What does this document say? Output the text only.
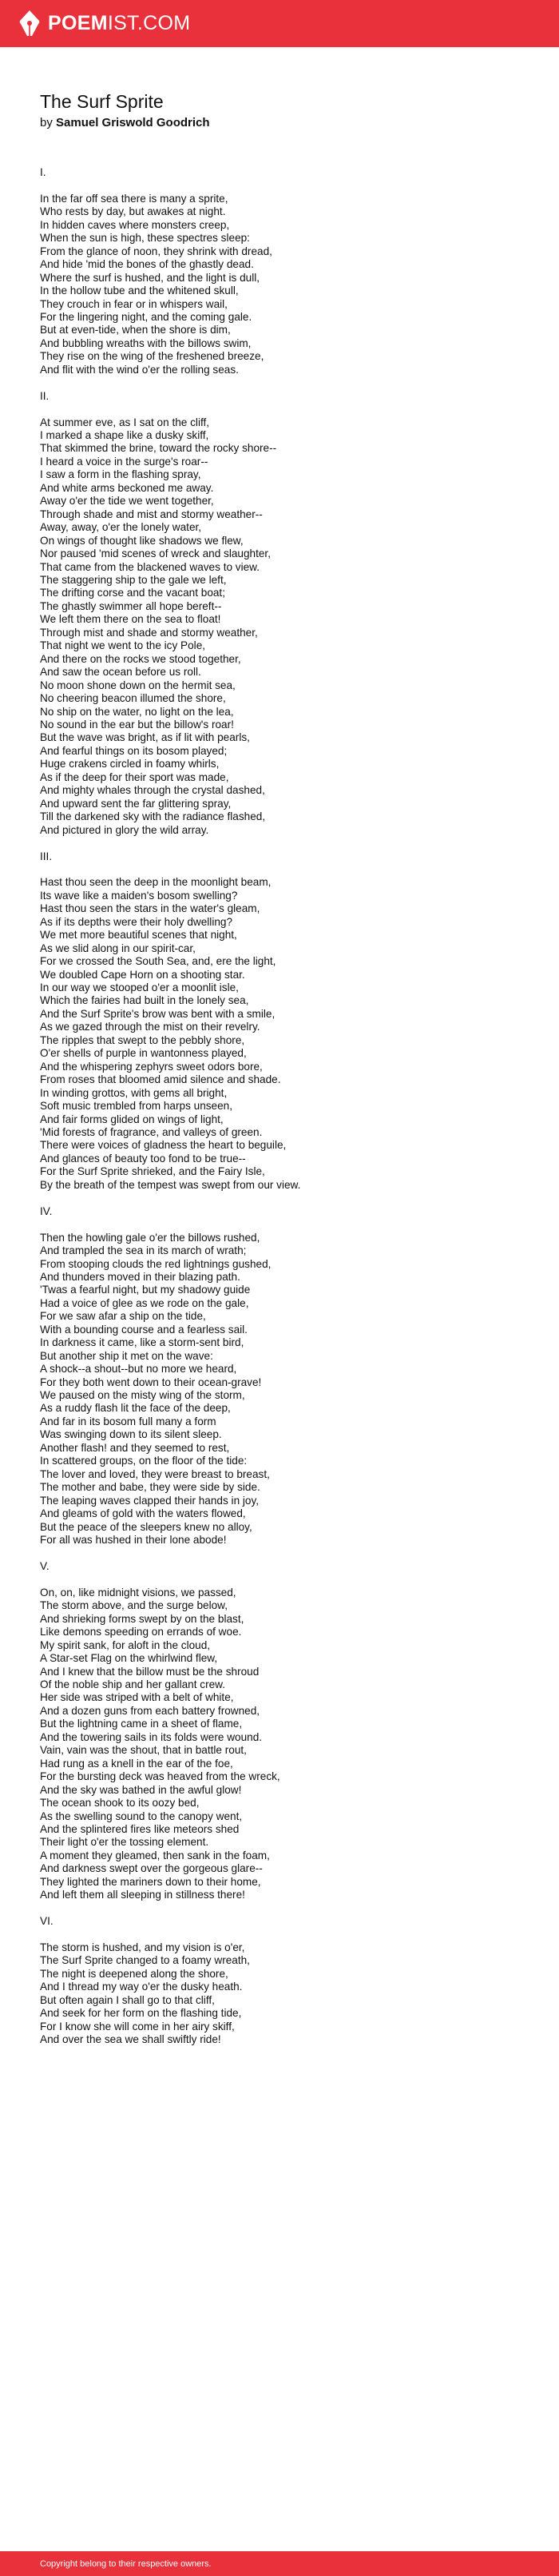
POEMIST.COM
The Surf Sprite
by Samuel Griswold Goodrich
I.
In the far off sea there is many a sprite,
Who rests by day, but awakes at night.
In hidden caves where monsters creep,
When the sun is high, these spectres sleep:
From the glance of noon, they shrink with dread,
And hide 'mid the bones of the ghastly dead.
Where the surf is hushed, and the light is dull,
In the hollow tube and the whitened skull,
They crouch in fear or in whispers wail,
For the lingering night, and the coming gale.
But at even-tide, when the shore is dim,
And bubbling wreaths with the billows swim,
They rise on the wing of the freshened breeze,
And flit with the wind o'er the rolling seas.
II.
At summer eve, as I sat on the cliff,
I marked a shape like a dusky skiff,
That skimmed the brine, toward the rocky shore--
I heard a voice in the surge's roar--
I saw a form in the flashing spray,
And white arms beckoned me away.
Away o'er the tide we went together,
Through shade and mist and stormy weather--
Away, away, o'er the lonely water,
On wings of thought like shadows we flew,
Nor paused 'mid scenes of wreck and slaughter,
That came from the blackened waves to view.
The staggering ship to the gale we left,
The drifting corse and the vacant boat;
The ghastly swimmer all hope bereft--
We left them there on the sea to float!
Through mist and shade and stormy weather,
That night we went to the icy Pole,
And there on the rocks we stood together,
And saw the ocean before us roll.
No moon shone down on the hermit sea,
No cheering beacon illumed the shore,
No ship on the water, no light on the lea,
No sound in the ear but the billow's roar!
But the wave was bright, as if lit with pearls,
And fearful things on its bosom played;
Huge crakens circled in foamy whirls,
As if the deep for their sport was made,
And mighty whales through the crystal dashed,
And upward sent the far glittering spray,
Till the darkened sky with the radiance flashed,
And pictured in glory the wild array.
III.
Hast thou seen the deep in the moonlight beam,
Its wave like a maiden's bosom swelling?
Hast thou seen the stars in the water's gleam,
As if its depths were their holy dwelling?
We met more beautiful scenes that night,
As we slid along in our spirit-car,
For we crossed the South Sea, and, ere the light,
We doubled Cape Horn on a shooting star.
In our way we stooped o'er a moonlit isle,
Which the fairies had built in the lonely sea,
And the Surf Sprite's brow was bent with a smile,
As we gazed through the mist on their revelry.
The ripples that swept to the pebbly shore,
O'er shells of purple in wantonness played,
And the whispering zephyrs sweet odors bore,
From roses that bloomed amid silence and shade.
In winding grottos, with gems all bright,
Soft music trembled from harps unseen,
And fair forms glided on wings of light,
'Mid forests of fragrance, and valleys of green.
There were voices of gladness the heart to beguile,
And glances of beauty too fond to be true--
For the Surf Sprite shrieked, and the Fairy Isle,
By the breath of the tempest was swept from our view.
IV.
Then the howling gale o'er the billows rushed,
And trampled the sea in its march of wrath;
From stooping clouds the red lightnings gushed,
And thunders moved in their blazing path.
'Twas a fearful night, but my shadowy guide
Had a voice of glee as we rode on the gale,
For we saw afar a ship on the tide,
With a bounding course and a fearless sail.
In darkness it came, like a storm-sent bird,
But another ship it met on the wave:
A shock--a shout--but no more we heard,
For they both went down to their ocean-grave!
We paused on the misty wing of the storm,
As a ruddy flash lit the face of the deep,
And far in its bosom full many a form
Was swinging down to its silent sleep.
Another flash! and they seemed to rest,
In scattered groups, on the floor of the tide:
The lover and loved, they were breast to breast,
The mother and babe, they were side by side.
The leaping waves clapped their hands in joy,
And gleams of gold with the waters flowed,
But the peace of the sleepers knew no alloy,
For all was hushed in their lone abode!
V.
On, on, like midnight visions, we passed,
The storm above, and the surge below,
And shrieking forms swept by on the blast,
Like demons speeding on errands of woe.
My spirit sank, for aloft in the cloud,
A Star-set Flag on the whirlwind flew,
And I knew that the billow must be the shroud
Of the noble ship and her gallant crew.
Her side was striped with a belt of white,
And a dozen guns from each battery frowned,
But the lightning came in a sheet of flame,
And the towering sails in its folds were wound.
Vain, vain was the shout, that in battle rout,
Had rung as a knell in the ear of the foe,
For the bursting deck was heaved from the wreck,
And the sky was bathed in the awful glow!
The ocean shook to its oozy bed,
As the swelling sound to the canopy went,
And the splintered fires like meteors shed
Their light o'er the tossing element.
A moment they gleamed, then sank in the foam,
And darkness swept over the gorgeous glare--
They lighted the mariners down to their home,
And left them all sleeping in stillness there!
VI.
The storm is hushed, and my vision is o'er,
The Surf Sprite changed to a foamy wreath,
The night is deepened along the shore,
And I thread my way o'er the dusky heath.
But often again I shall go to that cliff,
And seek for her form on the flashing tide,
For I know she will come in her airy skiff,
And over the sea we shall swiftly ride!
Copyright belong to their respective owners.
